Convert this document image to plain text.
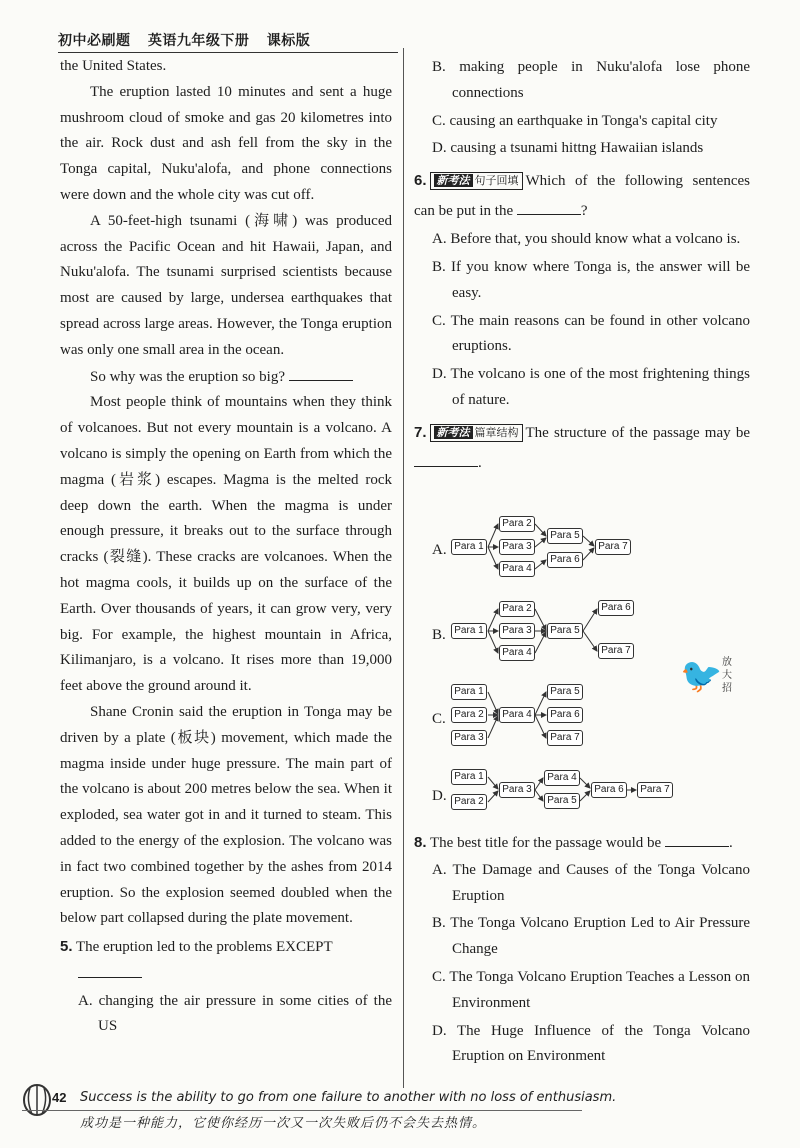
初中必刷题 英语九年级下册 课标版

the United States.

The eruption lasted 10 minutes and sent a huge mushroom cloud of smoke and gas 20 kilometres into the air. Rock dust and ash fell from the sky in the Tonga capital, Nuku'alofa, and phone connections were down and the whole city was cut off.

A 50-feet-high tsunami (海啸) was produced across the Pacific Ocean and hit Hawaii, Japan, and Nuku'alofa. The tsunami surprised scientists because most are caused by large, undersea earthquakes that spread across large areas. However, the Tonga eruption was only one small area in the ocean.

So why was the eruption so big?

Most people think of mountains when they think of volcanoes. But not every mountain is a volcano. A volcano is simply the opening on Earth from which the magma (岩浆) escapes. Magma is the melted rock deep down the earth. When the magma is under enough pressure, it breaks out to the surface through cracks (裂缝). These cracks are volcanoes. When the hot magma cools, it builds up on the surface of the Earth. Over thousands of years, it can grow very, very big. For example, the highest mountain in Africa, Kilimanjaro, is a volcano. It rises more than 19,000 feet above the ground around it.

Shane Cronin said the eruption in Tonga may be driven by a plate (板块) movement, which made the magma inside under huge pressure. The main part of the volcano is about 200 metres below the sea. When it exploded, sea water got in and it turned to steam. This added to the energy of the explosion. The volcano was in fact two combined together by the ashes from 2014 eruption. So the explosion seemed doubled when the below part collapsed during the plate movement.

5. The eruption led to the problems EXCEPT

A. changing the air pressure in some cities of the US

B. making people in Nuku'alofa lose phone connections

C. causing an earthquake in Tonga's capital city

D. causing a tsunami hittng Hawaiian islands

6. 新考法 句子回填 Which of the following sentences can be put in the	?

A. Before that, you should know what a volcano is.

B. If you know where Tonga is, the answer will be easy.

C. The main reasons can be found in other volcano eruptions.

D. The volcano is one of the most frightening things of nature.

7. 新考法 篇章结构 The structure of the passage may be .

A. Para 1
Para 2
Para 3
Para 4
Para 5
Para 6
Para 7
B. Para 1
Para 2
Para 3
Para 4
Para 5
Para 6
Para 7
C.
Para 1
Para 2
Para 3
Para 4
Para 5
Para 6
Para 7
D.
Para 1
Para 2
Para 3
Para 4
Para 5
Para 6	Para 7
🐦 放大招

8. The best title for the passage would be	.

A. The Damage and Causes of the Tonga Volcano Eruption

B. The Tonga Volcano Eruption Led to Air Pressure Change

C. The Tonga Volcano Eruption Teaches a Lesson on Environment

D. The Huge Influence of the Tonga Volcano Eruption on Environment

42 Success is the ability to go from one failure to another with no loss of enthusiasm.
成功是一种能力，它使你经历一次又一次失败后仍不会失去热情。
